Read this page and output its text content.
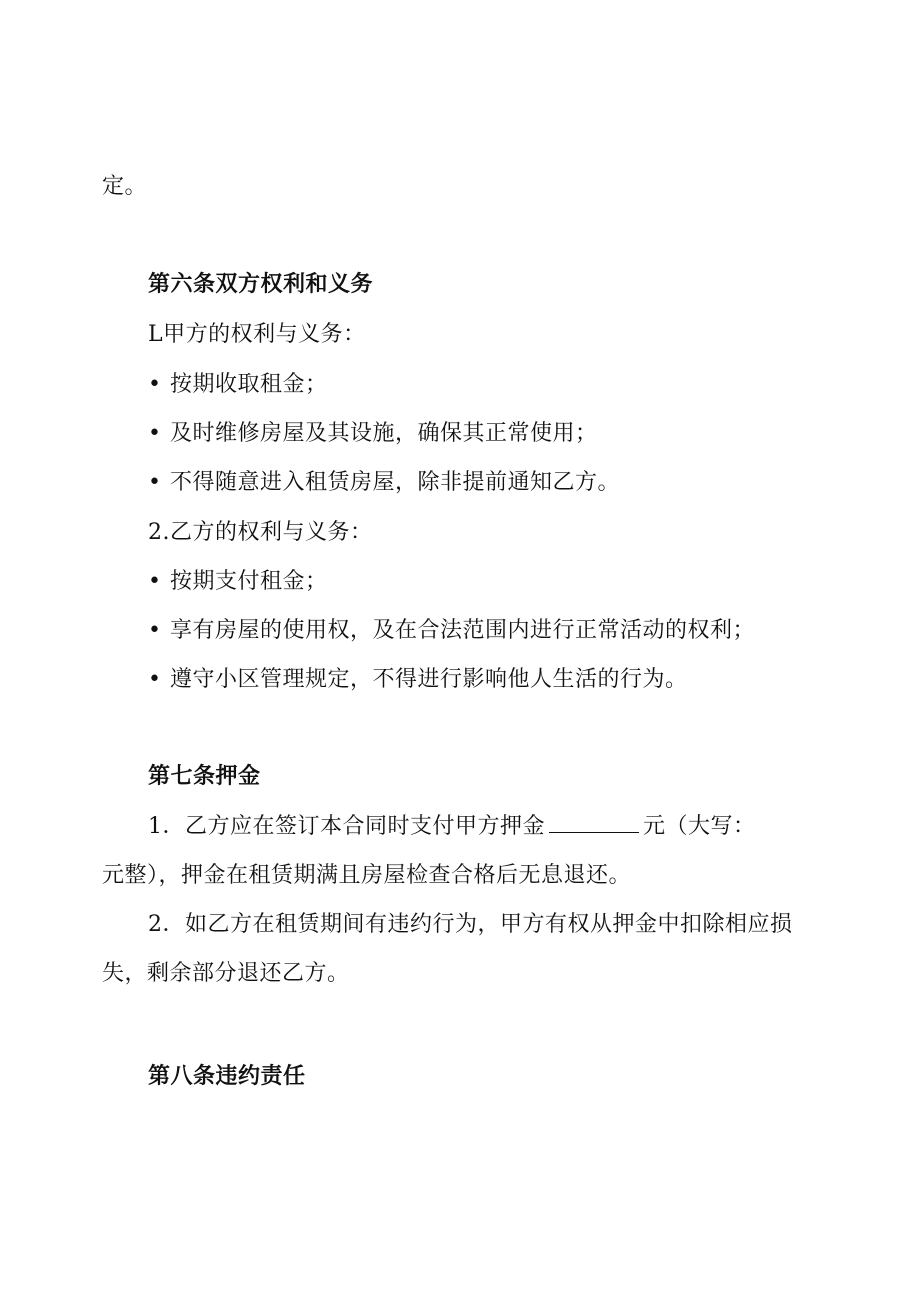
定。

第六条双方权利和义务

L甲方的权利与义务：

• 按期收取租金；

• 及时维修房屋及其设施，确保其正常使用；

• 不得随意进入租赁房屋，除非提前通知乙方。

2.乙方的权利与义务：

• 按期支付租金；

• 享有房屋的使用权，及在合法范围内进行正常活动的权利；

• 遵守小区管理规定，不得进行影响他人生活的行为。

第七条押金

1．乙方应在签订本合同时支付甲方押金	元（大写：

元整），押金在租赁期满且房屋检查合格后无息退还。

2．如乙方在租赁期间有违约行为，甲方有权从押金中扣除相应损

失，剩余部分退还乙方。

第八条违约责任
